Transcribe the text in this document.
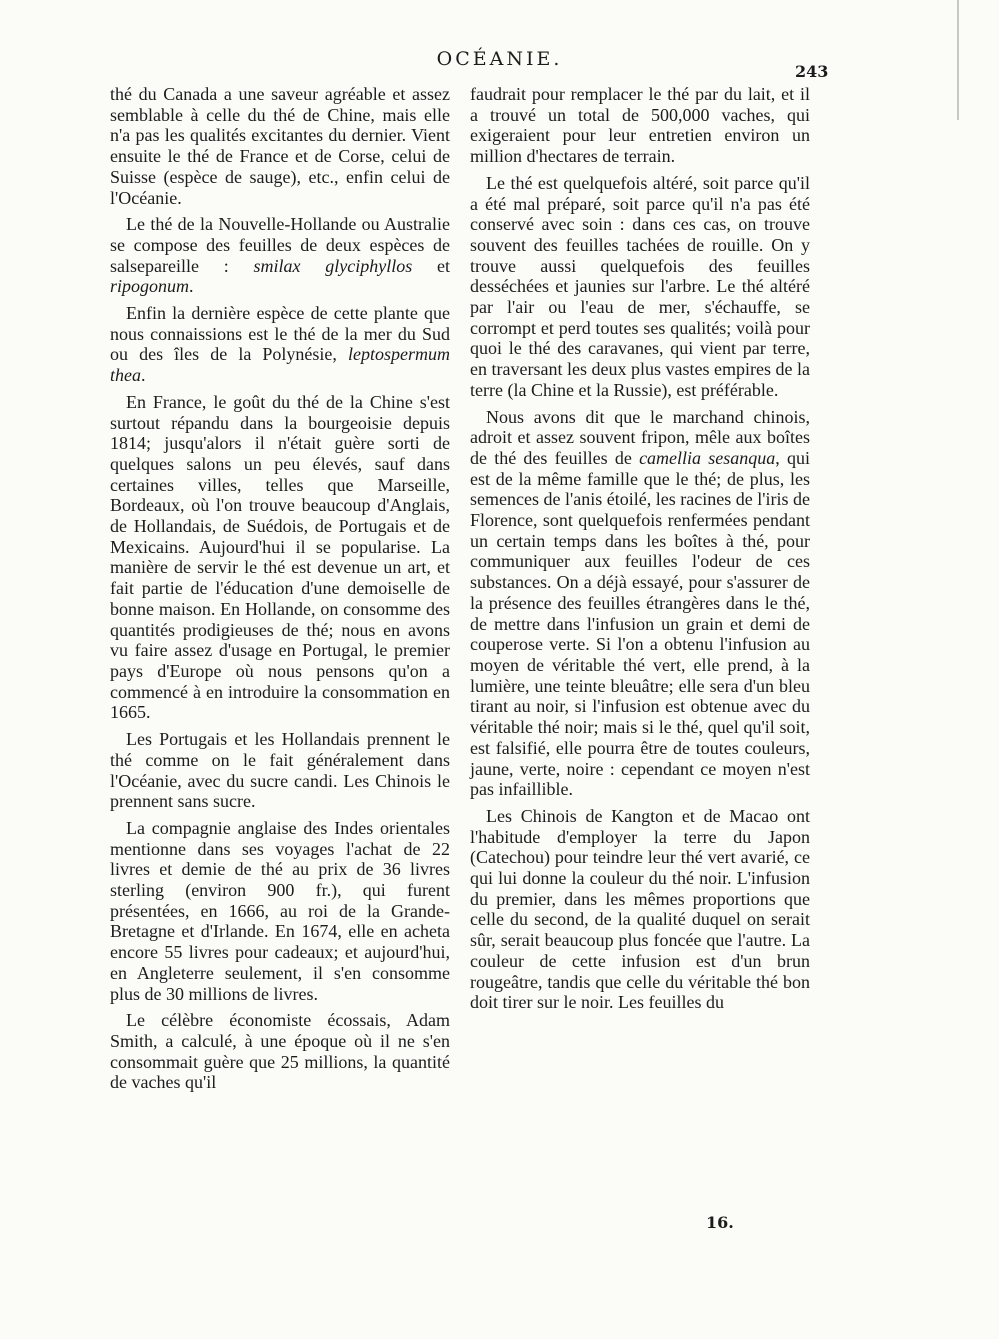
OCÉANIE.
243

thé du Canada a une saveur agréable et assez semblable à celle du thé de Chine, mais elle n'a pas les qualités excitantes du dernier. Vient ensuite le thé de France et de Corse, celui de Suisse (espèce de sauge), etc., enfin celui de l'Océanie.

Le thé de la Nouvelle-Hollande ou Australie se compose des feuilles de deux espèces de salsepareille : smilax glyciphyllos et ripogonum.

Enfin la dernière espèce de cette plante que nous connaissions est le thé de la mer du Sud ou des îles de la Polynésie, leptospermum thea.

En France, le goût du thé de la Chine s'est surtout répandu dans la bourgeoisie depuis 1814; jusqu'alors il n'était guère sorti de quelques salons un peu élevés, sauf dans certaines villes, telles que Marseille, Bordeaux, où l'on trouve beaucoup d'Anglais, de Hollandais, de Suédois, de Portugais et de Mexicains. Aujourd'hui il se popularise. La manière de servir le thé est devenue un art, et fait partie de l'éducation d'une demoiselle de bonne maison. En Hollande, on consomme des quantités prodigieuses de thé; nous en avons vu faire assez d'usage en Portugal, le premier pays d'Europe où nous pensons qu'on a commencé à en introduire la consommation en 1665.

Les Portugais et les Hollandais prennent le thé comme on le fait généralement dans l'Océanie, avec du sucre candi. Les Chinois le prennent sans sucre.

La compagnie anglaise des Indes orientales mentionne dans ses voyages l'achat de 22 livres et demie de thé au prix de 36 livres sterling (environ 900 fr.), qui furent présentées, en 1666, au roi de la Grande-Bretagne et d'Irlande. En 1674, elle en acheta encore 55 livres pour cadeaux; et aujourd'hui, en Angleterre seulement, il s'en consomme plus de 30 millions de livres.

Le célèbre économiste écossais, Adam Smith, a calculé, à une époque où il ne s'en consommait guère que 25 millions, la quantité de vaches qu'il

faudrait pour remplacer le thé par du lait, et il a trouvé un total de 500,000 vaches, qui exigeraient pour leur entretien environ un million d'hectares de terrain.

Le thé est quelquefois altéré, soit parce qu'il a été mal préparé, soit parce qu'il n'a pas été conservé avec soin : dans ces cas, on trouve souvent des feuilles tachées de rouille. On y trouve aussi quelquefois des feuilles desséchées et jaunies sur l'arbre. Le thé altéré par l'air ou l'eau de mer, s'échauffe, se corrompt et perd toutes ses qualités; voilà pour quoi le thé des caravanes, qui vient par terre, en traversant les deux plus vastes empires de la terre (la Chine et la Russie), est préférable.

Nous avons dit que le marchand chinois, adroit et assez souvent fripon, mêle aux boîtes de thé des feuilles de camellia sesanqua, qui est de la même famille que le thé; de plus, les semences de l'anis étoilé, les racines de l'iris de Florence, sont quelquefois renfermées pendant un certain temps dans les boîtes à thé, pour communiquer aux feuilles l'odeur de ces substances. On a déjà essayé, pour s'assurer de la présence des feuilles étrangères dans le thé, de mettre dans l'infusion un grain et demi de couperose verte. Si l'on a obtenu l'infusion au moyen de véritable thé vert, elle prend, à la lumière, une teinte bleuâtre; elle sera d'un bleu tirant au noir, si l'infusion est obtenue avec du véritable thé noir; mais si le thé, quel qu'il soit, est falsifié, elle pourra être de toutes couleurs, jaune, verte, noire : cependant ce moyen n'est pas infaillible.

Les Chinois de Kangton et de Macao ont l'habitude d'employer la terre du Japon (Catechou) pour teindre leur thé vert avarié, ce qui lui donne la couleur du thé noir. L'infusion du premier, dans les mêmes proportions que celle du second, de la qualité duquel on serait sûr, serait beaucoup plus foncée que l'autre. La couleur de cette infusion est d'un brun rougeâtre, tandis que celle du véritable thé bon doit tirer sur le noir. Les feuilles du

16.
